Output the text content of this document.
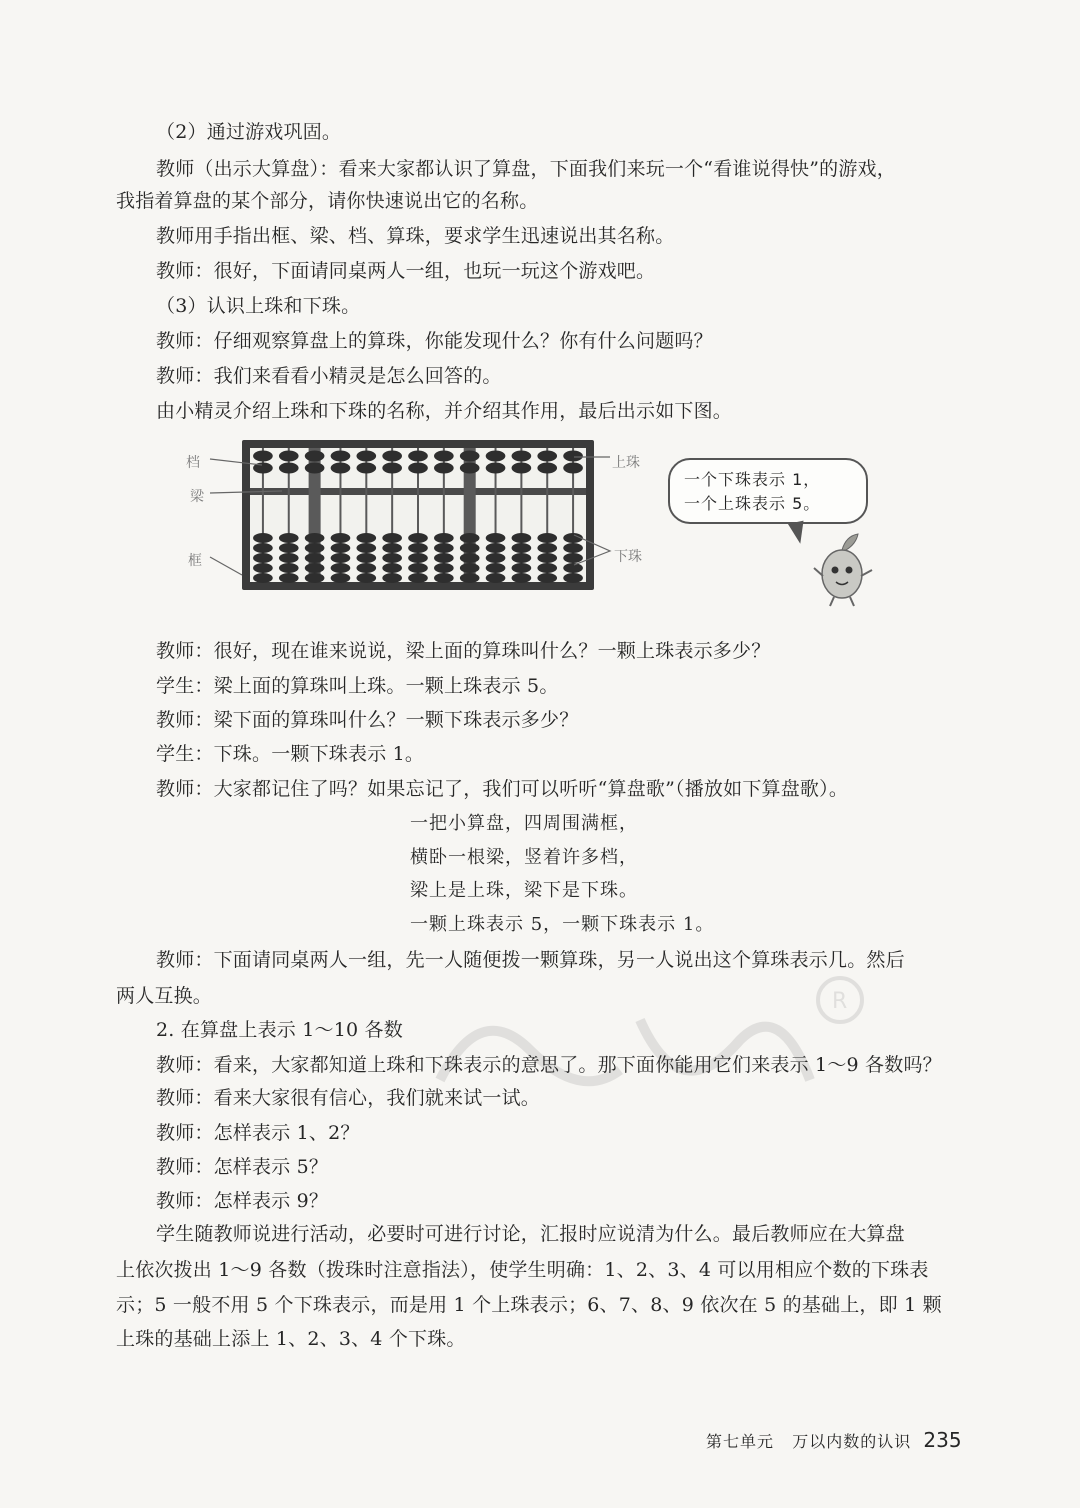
（2）通过游戏巩固。
教师（出示大算盘）：看来大家都认识了算盘，下面我们来玩一个“看谁说得快”的游戏，
我指着算盘的某个部分，请你快速说出它的名称。
教师用手指出框、梁、档、算珠，要求学生迅速说出其名称。
教师：很好，下面请同桌两人一组，也玩一玩这个游戏吧。
（3）认识上珠和下珠。
教师：仔细观察算盘上的算珠，你能发现什么？你有什么问题吗？
教师：我们来看看小精灵是怎么回答的。
由小精灵介绍上珠和下珠的名称，并介绍其作用，最后出示如下图。
档
梁
框
上珠
下珠
一个下珠表示 1，
一个上珠表示 5。
教师：很好，现在谁来说说，梁上面的算珠叫什么？一颗上珠表示多少？
学生：梁上面的算珠叫上珠。一颗上珠表示 5。
教师：梁下面的算珠叫什么？一颗下珠表示多少？
学生：下珠。一颗下珠表示 1。
教师：大家都记住了吗？如果忘记了，我们可以听听“算盘歌”（播放如下算盘歌）。
一把小算盘，四周围满框，
横卧一根梁，竖着许多档，
梁上是上珠，梁下是下珠。
一颗上珠表示 5，一颗下珠表示 1。
教师：下面请同桌两人一组，先一人随便拨一颗算珠，另一人说出这个算珠表示几。然后
两人互换。
2. 在算盘上表示 1～10 各数
教师：看来，大家都知道上珠和下珠表示的意思了。那下面你能用它们来表示 1～9 各数吗？
教师：看来大家很有信心，我们就来试一试。
教师：怎样表示 1、2？
教师：怎样表示 5？
教师：怎样表示 9？
学生随教师说进行活动，必要时可进行讨论，汇报时应说清为什么。最后教师应在大算盘
上依次拨出 1～9 各数（拨珠时注意指法），使学生明确：1、2、3、4 可以用相应个数的下珠表
示；5 一般不用 5 个下珠表示，而是用 1 个上珠表示；6、7、8、9 依次在 5 的基础上，即 1 颗
上珠的基础上添上 1、2、3、4 个下珠。
R
第七单元 万以内数的认识 235
